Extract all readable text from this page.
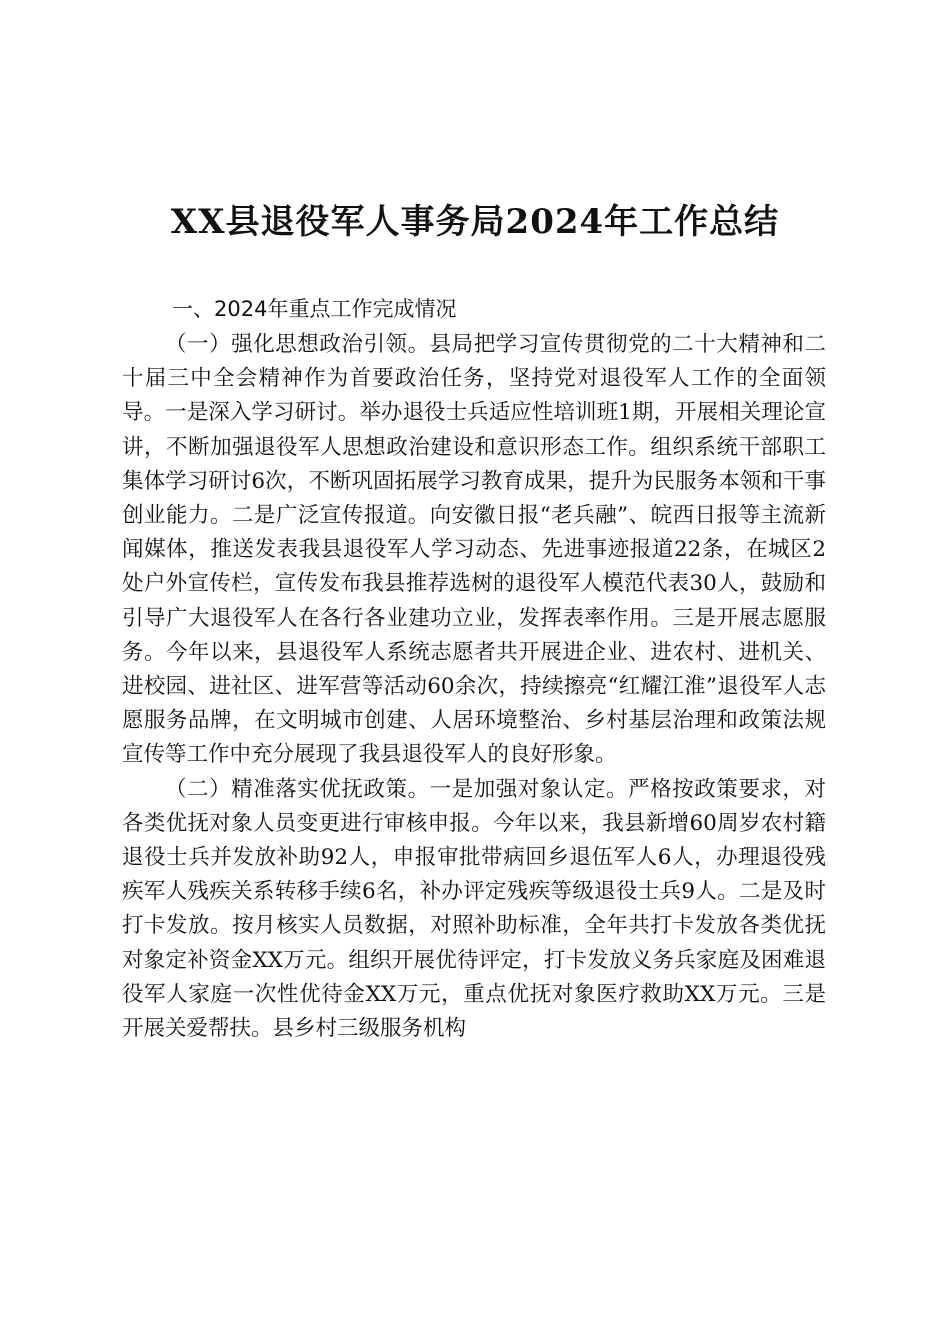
XX县退役军人事务局2024年工作总结
一、2024年重点工作完成情况

（一）强化思想政治引领。县局把学习宣传贯彻党的二十大精神和二十届三中全会精神作为首要政治任务，坚持党对退役军人工作的全面领导。一是深入学习研讨。举办退役士兵适应性培训班1期，开展相关理论宣讲，不断加强退役军人思想政治建设和意识形态工作。组织系统干部职工集体学习研讨6次，不断巩固拓展学习教育成果，提升为民服务本领和干事创业能力。二是广泛宣传报道。向安徽日报“老兵融”、皖西日报等主流新闻媒体，推送发表我县退役军人学习动态、先进事迹报道22条，在城区2处户外宣传栏，宣传发布我县推荐选树的退役军人模范代表30人，鼓励和引导广大退役军人在各行各业建功立业，发挥表率作用。三是开展志愿服务。今年以来，县退役军人系统志愿者共开展进企业、进农村、进机关、进校园、进社区、进军营等活动60余次，持续擦亮“红耀江淮”退役军人志愿服务品牌，在文明城市创建、人居环境整治、乡村基层治理和政策法规宣传等工作中充分展现了我县退役军人的良好形象。

（二）精准落实优抚政策。一是加强对象认定。严格按政策要求，对各类优抚对象人员变更进行审核申报。今年以来，我县新增60周岁农村籍退役士兵并发放补助92人，申报审批带病回乡退伍军人6人，办理退役残疾军人残疾关系转移手续6名，补办评定残疾等级退役士兵9人。二是及时打卡发放。按月核实人员数据，对照补助标准，全年共打卡发放各类优抚对象定补资金XX万元。组织开展优待评定，打卡发放义务兵家庭及困难退役军人家庭一次性优待金XX万元，重点优抚对象医疗救助XX万元。三是开展关爱帮扶。县乡村三级服务机构
